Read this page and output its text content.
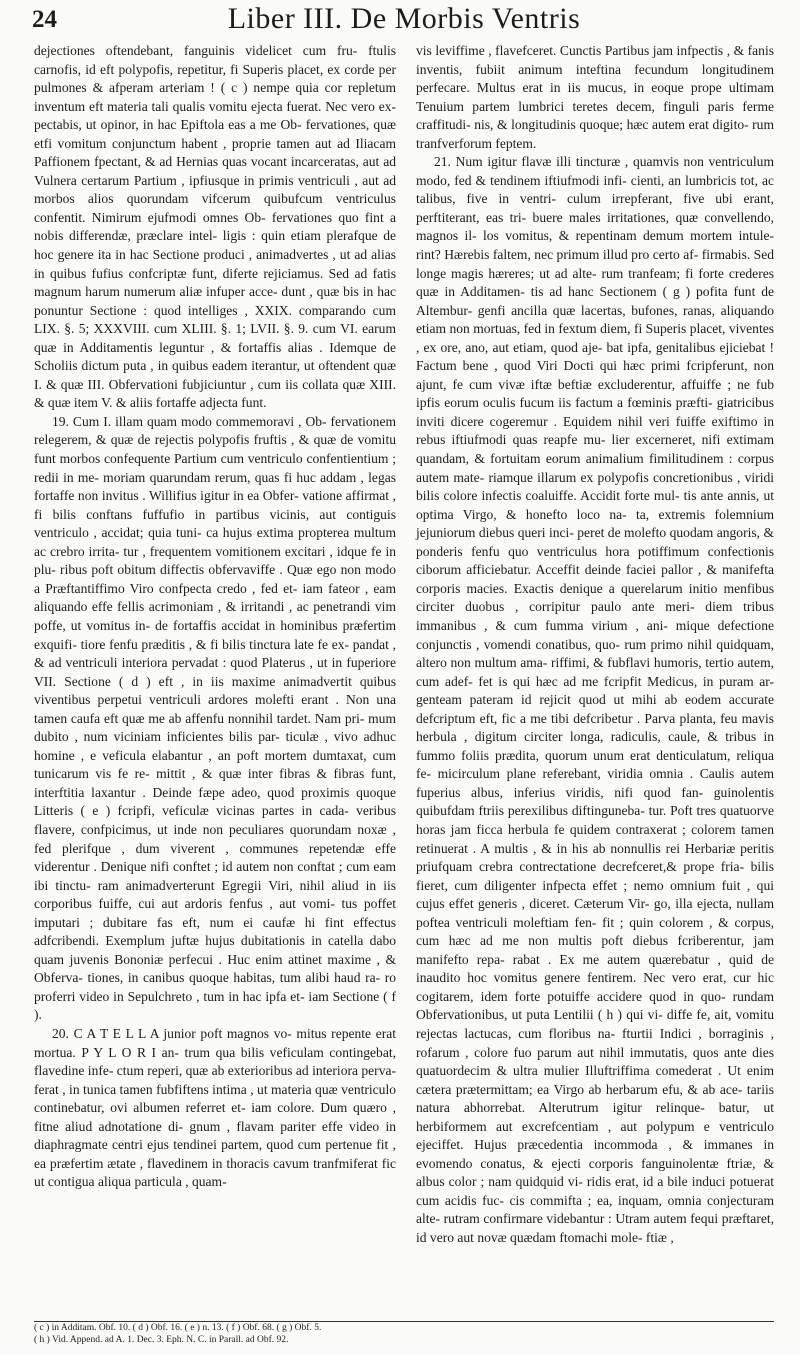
24	Liber III. De Morbis Ventris

dejectiones oftendebant, fanguinis videlicet cum fru- ftulis carnofis, id eft polypofis, repetitur, fi Superis placet, ex corde per pulmones & afperam arteriam ! ( c ) nempe quia cor repletum inventum eft materia tali qualis vomitu ejecta fuerat. Nec vero ex- pectabis, ut opinor, in hac Epiftola eas a me Ob- fervationes, quæ etfi vomitum conjunctum habent , proprie tamen aut ad Iliacam Paffionem fpectant, & ad Hernias quas vocant incarceratas, aut ad Vulnera certarum Partium , ipfiusque in primis ventriculi , aut ad morbos alios quorundam vifcerum quibufcum ventriculus confentit. Nimirum ejufmodi omnes Ob- fervationes quo fint a nobis differendæ, præclare intel- ligis : quin etiam plerafque de hoc genere ita in hac Sectione produci , animadvertes , ut ad alias in quibus fufius confcriptæ funt, diferte rejiciamus. Sed ad fatis magnum harum numerum aliæ infuper acce- dunt , quæ bis in hac ponuntur Sectione : quod intelliges , XXIX. comparando cum LIX. §. 5; XXXVIII. cum XLIII. §. 1; LVII. §. 9. cum VI. earum quæ in Additamentis leguntur , & fortaffis alias . Idemque de Scholiis dictum puta , in quibus eadem iterantur, ut oftendent quæ I. & quæ III. Obfervationi fubjiciuntur , cum iis collata quæ XIII. & quæ item V. & aliis fortaffe adjecta funt.

19. Cum I. illam quam modo commemoravi , Ob- fervationem relegerem, & quæ de rejectis polypofis fruftis , & quæ de vomitu funt morbos confequente Partium cum ventriculo confentientium ; redii in me- moriam quarundam rerum, quas fi huc addam , legas fortaffe non invitus . Willifius igitur in ea Obfer- vatione affirmat , fi bilis conftans fuffufio in partibus vicinis, aut contiguis ventriculo , accidat; quia tuni- ca hujus extima propterea multum ac crebro irrita- tur , frequentem vomitionem excitari , idque fe in plu- ribus poft obitum diffectis obfervaviffe . Quæ ego non modo a Præftantiffimo Viro confpecta credo , fed et- iam fateor , eam aliquando effe fellis acrimoniam , & irritandi , ac penetrandi vim poffe, ut vomitus in- de fortaffis accidat in hominibus præfertim exquifi- tiore fenfu præditis , & fi bilis tinctura late fe ex- pandat , & ad ventriculi interiora pervadat : quod Platerus , ut in fuperiore VII. Sectione ( d ) eft , in iis maxime animadvertit quibus viventibus perpetui ventriculi ardores molefti erant . Non una tamen caufa eft quæ me ab affenfu nonnihil tardet. Nam pri- mum dubito , num viciniam inficientes bilis par- ticulæ , vivo adhuc homine , e veficula elabantur , an poft mortem dumtaxat, cum tunicarum vis fe re- mittit , & quæ inter fibras & fibras funt, interftitia laxantur . Deinde fæpe adeo, quod proximis quoque Litteris ( e ) fcripfi, veficulæ vicinas partes in cada- veribus flavere, confpicimus, ut inde non peculiares quorundam noxæ , fed plerifque , dum viverent , communes repetendæ effe viderentur . Denique nifi conftet ; id autem non conftat ; cum eam ibi tinctu- ram animadverterunt Egregii Viri, nihil aliud in iis corporibus fuiffe, cui aut ardoris fenfus , aut vomi- tus poffet imputari ; dubitare fas eft, num ei caufæ hi fint effectus adfcribendi. Exemplum juftæ hujus dubitationis in catella dabo quam juvenis Bononiæ perfecui . Huc enim attinet maxime , & Obferva- tiones, in canibus quoque habitas, tum alibi haud ra- ro proferri video in Sepulchreto , tum in hac ipfa et- iam Sectione ( f ).

20. C A T E L L A junior poft magnos vo- mitus repente erat mortua. P Y L O R I an- trum qua bilis veficulam contingebat, flavedine infe- ctum reperi, quæ ab exterioribus ad interiora perva- ferat , in tunica tamen fubfiftens intima , ut materia quæ ventriculo continebatur, ovi albumen referret et- iam colore. Dum quæro , fitne aliud adnotatione di- gnum , flavam pariter effe video in diaphragmate centri ejus tendinei partem, quod cum pertenue fit , ea præfertim ætate , flavedinem in thoracis cavum tranfmiferat fic ut contigua aliqua particula , quam-

vis leviffime , flavefceret. Cunctis Partibus jam infpectis , & fanis inventis, fubiit animum inteftina fecundum longitudinem perfecare. Multus erat in iis mucus, in eoque prope ultimam Tenuium partem lumbrici teretes decem, finguli paris ferme craffitudi- nis, & longitudinis quoque; hæc autem erat digito- rum tranfverforum feptem.

21. Num igitur flavæ illi tincturæ , quamvis non ventriculum modo, fed & tendinem iftiufmodi infi- cienti, an lumbricis tot, ac talibus, five in ventri- culum irrepferant, five ubi erant, perftiterant, eas tri- buere males irritationes, quæ convellendo, magnos il- los vomitus, & repentinam demum mortem intule- rint? Hærebis faltem, nec primum illud pro certo af- firmabis. Sed longe magis hæreres; ut ad alte- rum tranfeam; fi forte crederes quæ in Additamen- tis ad hanc Sectionem ( g ) pofita funt de Altembur- genfi ancilla quæ lacertas, bufones, ranas, aliquando etiam non mortuas, fed in fextum diem, fi Superis placet, viventes , ex ore, ano, aut etiam, quod aje- bat ipfa, genitalibus ejiciebat ! Factum bene , quod Viri Docti qui hæc primi fcripferunt, non ajunt, fe cum vivæ iftæ beftiæ excluderentur, affuiffe ; ne fub ipfis eorum oculis fucum iis factum a fœminis præfti- giatricibus inviti dicere cogeremur . Equidem nihil veri fuiffe exiftimo in rebus iftiufmodi quas reapfe mu- lier excerneret, nifi extimam quandam, & fortuitam eorum animalium fimilitudinem : corpus autem mate- riamque illarum ex polypofis concretionibus , viridi bilis colore infectis coaluiffe. Accidit forte mul- tis ante annis, ut optima Virgo, & honefto loco na- ta, extremis folemnium jejuniorum diebus queri inci- peret de molefto quodam angoris, & ponderis fenfu quo ventriculus hora potiffimum confectionis ciborum afficiebatur. Acceffit deinde faciei pallor , & manifefta corporis macies. Exactis denique a querelarum initio menfibus circiter duobus , corripitur paulo ante meri- diem tribus immanibus , & cum fumma virium , ani- mique defectione conjunctis , vomendi conatibus, quo- rum primo nihil quidquam, altero non multum ama- riffimi, & fubflavi humoris, tertio autem, cum adef- fet is qui hæc ad me fcripfit Medicus, in puram ar- genteam pateram id rejicit quod ut mihi ab eodem accurate defcriptum eft, fic a me tibi defcribetur . Parva planta, feu mavis herbula , digitum circiter longa, radiculis, caule, & tribus in fummo foliis prædita, quorum unum erat denticulatum, reliqua fe- micirculum plane referebant, viridia omnia . Caulis autem fuperius albus, inferius viridis, nifi quod fan- guinolentis quibufdam ftriis perexilibus diftinguneba- tur. Poft tres quatuorve horas jam ficca herbula fe quidem contraxerat ; colorem tamen retinuerat . A multis , & in his ab nonnullis rei Herbariæ peritis priufquam crebra contrectatione decrefceret,& prope fria- bilis fieret, cum diligenter infpecta effet ; nemo omnium fuit , qui cujus effet generis , diceret. Cæterum Vir- go, illa ejecta, nullam poftea ventriculi moleftiam fen- fit ; quin colorem , & corpus, cum hæc ad me non multis poft diebus fcriberentur, jam manifefto repa- rabat . Ex me autem quærebatur , quid de inaudito hoc vomitus genere fentirem. Nec vero erat, cur hic cogitarem, idem forte potuiffe accidere quod in quo- rundam Obfervationibus, ut puta Lentilii ( h ) qui vi- diffe fe, ait, vomitu rejectas lactucas, cum floribus na- fturtii Indici , borraginis , rofarum , colore fuo parum aut nihil immutatis, quos ante dies quatuordecim & ultra mulier Illuftriffima comederat . Ut enim cætera prætermittam; ea Virgo ab herbarum efu, & ab ace- tariis natura abhorrebat. Alterutrum igitur relinque- batur, ut herbiformem aut excrefcentiam , aut polypum e ventriculo ejeciffet. Hujus præcedentia incommoda , & immanes in evomendo conatus, & ejecti corporis fanguinolentæ ftriæ, & albus color ; nam quidquid vi- ridis erat, id a bile induci potuerat cum acidis fuc- cis commifta ; ea, inquam, omnia conjecturam alte- rutram confirmare videbantur : Utram autem fequi præftaret, id vero aut novæ quædam ftomachi mole- ftiæ ,

( c ) in Additam. Obf. 10. ( d ) Obf. 16. ( e ) n. 13. ( f ) Obf. 68. ( g ) Obf. 5.
( h ) Vid. Append. ad A. 1. Dec. 3. Eph. N. C. in Parall. ad Obf. 92.
